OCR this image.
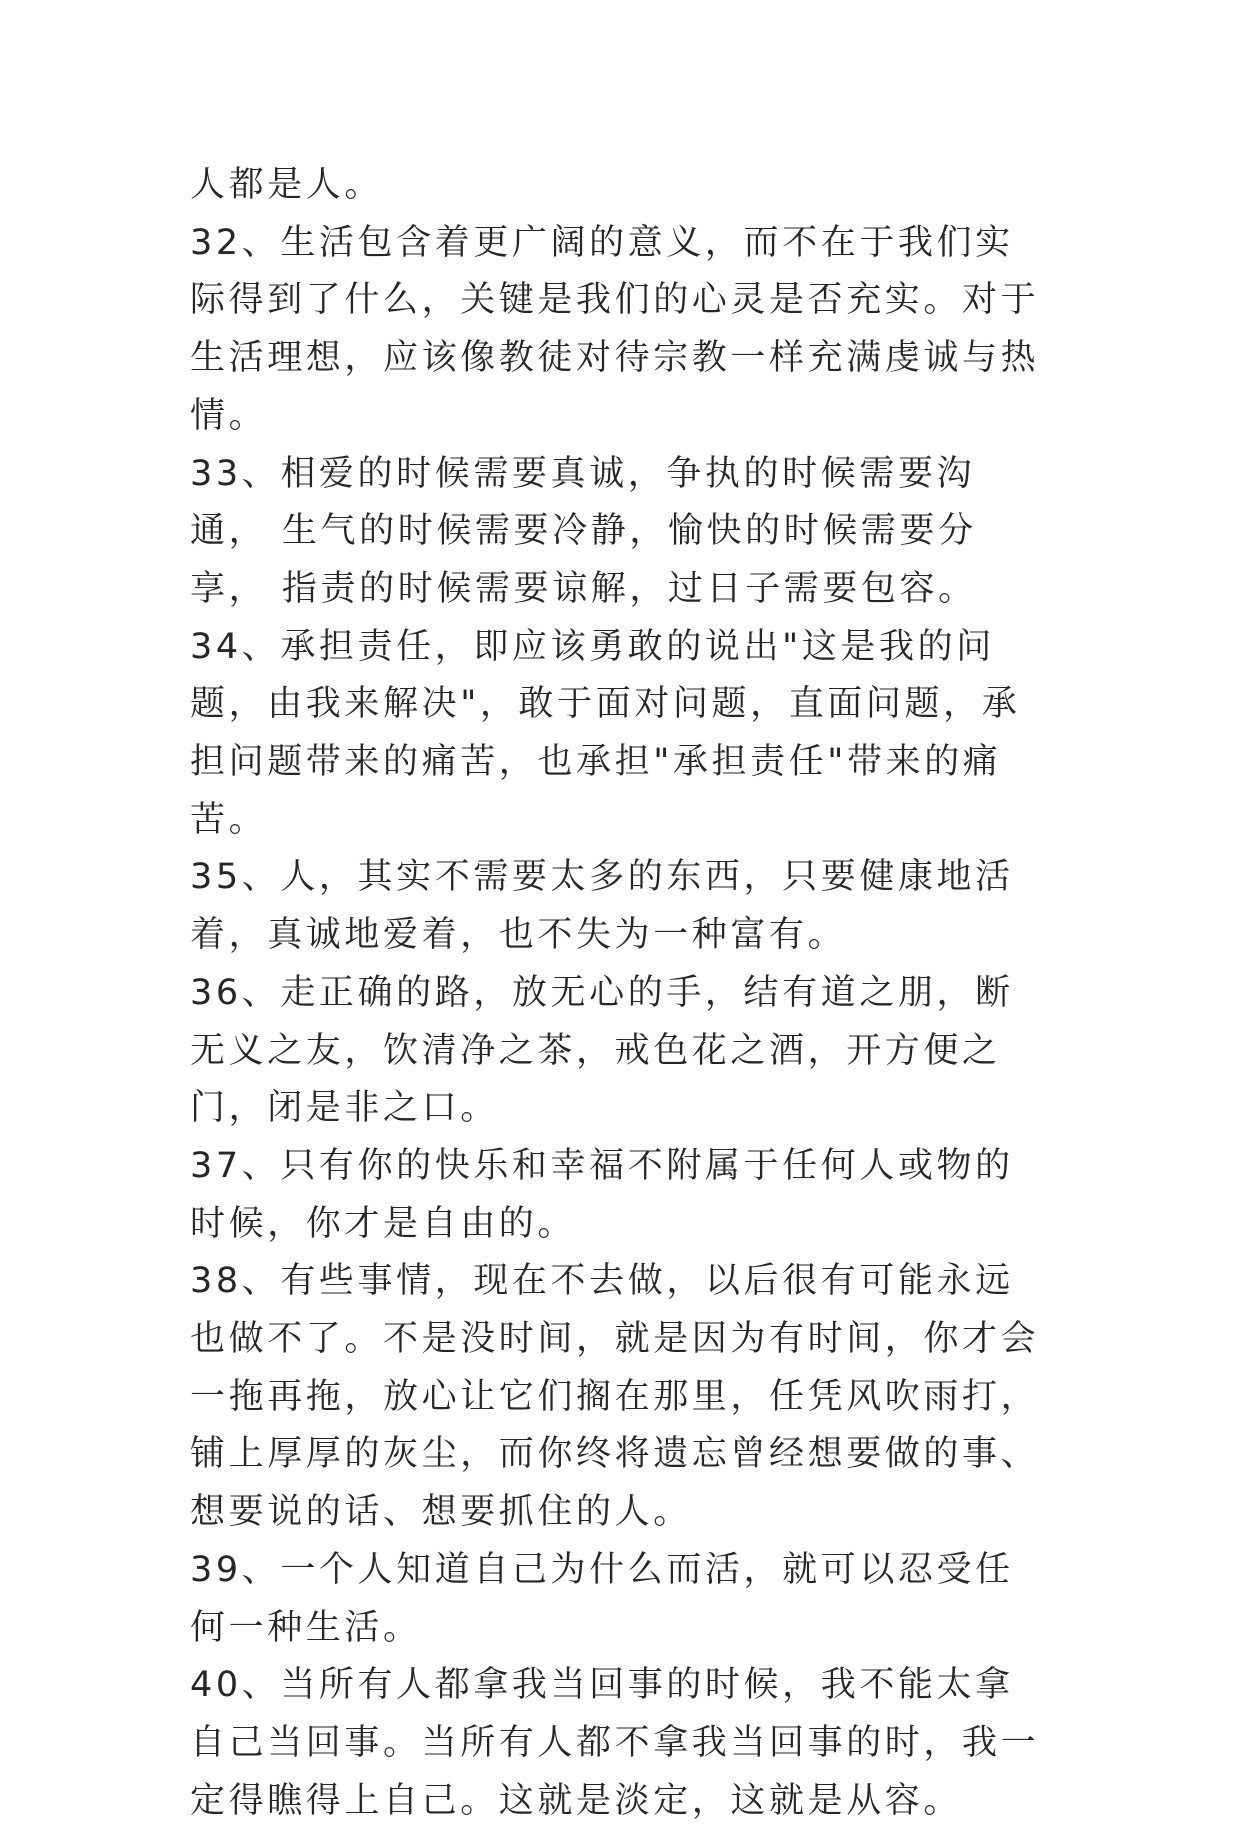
人都是人。

32、生活包含着更广阔的意义，而不在于我们实际得到了什么，关键是我们的心灵是否充实。对于生活理想，应该像教徒对待宗教一样充满虔诚与热情。

33、相爱的时候需要真诚，争执的时候需要沟通， 生气的时候需要冷静，愉快的时候需要分享， 指责的时候需要谅解，过日子需要包容。

34、承担责任，即应该勇敢的说出"这是我的问题，由我来解决"，敢于面对问题，直面问题，承担问题带来的痛苦，也承担"承担责任"带来的痛苦。

35、人，其实不需要太多的东西，只要健康地活着，真诚地爱着，也不失为一种富有。

36、走正确的路，放无心的手，结有道之朋，断无义之友，饮清净之茶，戒色花之酒，开方便之门，闭是非之口。

37、只有你的快乐和幸福不附属于任何人或物的时候，你才是自由的。

38、有些事情，现在不去做，以后很有可能永远也做不了。不是没时间，就是因为有时间，你才会一拖再拖，放心让它们搁在那里，任凭风吹雨打，铺上厚厚的灰尘，而你终将遗忘曾经想要做的事、想要说的话、想要抓住的人。

39、一个人知道自己为什么而活，就可以忍受任何一种生活。

40、当所有人都拿我当回事的时候，我不能太拿自己当回事。当所有人都不拿我当回事的时，我一定得瞧得上自己。这就是淡定，这就是从容。
